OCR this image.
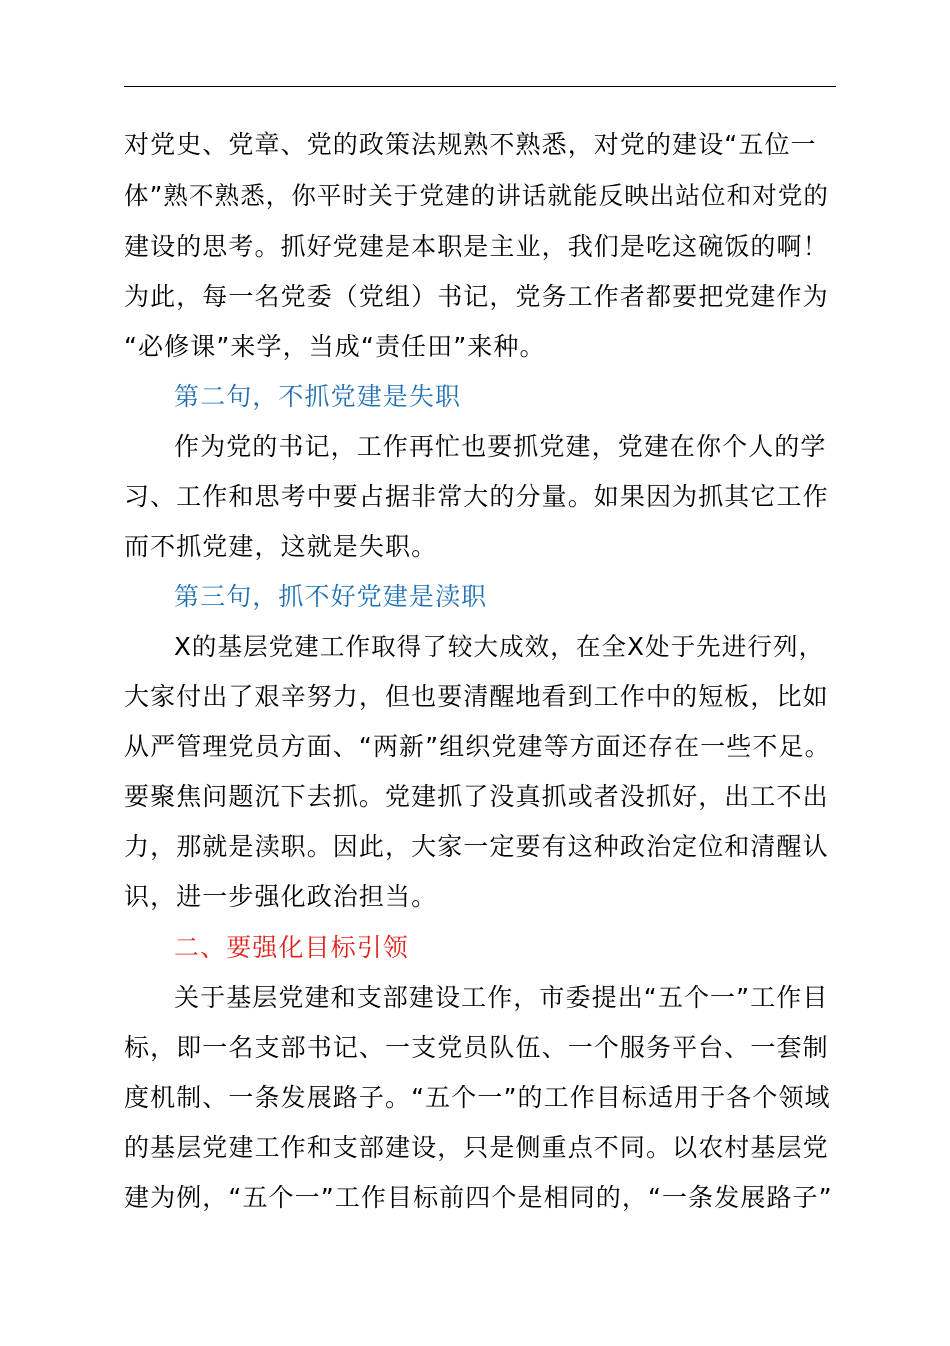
对党史、党章、党的政策法规熟不熟悉，对党的建设“五位一
体”熟不熟悉，你平时关于党建的讲话就能反映出站位和对党的
建设的思考。抓好党建是本职是主业，我们是吃这碗饭的啊！
为此，每一名党委（党组）书记，党务工作者都要把党建作为
“必修课”来学，当成“责任田”来种。
第二句，不抓党建是失职
作为党的书记，工作再忙也要抓党建，党建在你个人的学
习、工作和思考中要占据非常大的分量。如果因为抓其它工作
而不抓党建，这就是失职。
第三句，抓不好党建是渎职
X的基层党建工作取得了较大成效，在全X处于先进行列，
大家付出了艰辛努力，但也要清醒地看到工作中的短板，比如
从严管理党员方面、“两新”组织党建等方面还存在一些不足。
要聚焦问题沉下去抓。党建抓了没真抓或者没抓好，出工不出
力，那就是渎职。因此，大家一定要有这种政治定位和清醒认
识，进一步强化政治担当。
二、要强化目标引领
关于基层党建和支部建设工作，市委提出“五个一”工作目
标，即一名支部书记、一支党员队伍、一个服务平台、一套制
度机制、一条发展路子。“五个一”的工作目标适用于各个领域
的基层党建工作和支部建设，只是侧重点不同。以农村基层党
建为例，“五个一”工作目标前四个是相同的，“一条发展路子”
